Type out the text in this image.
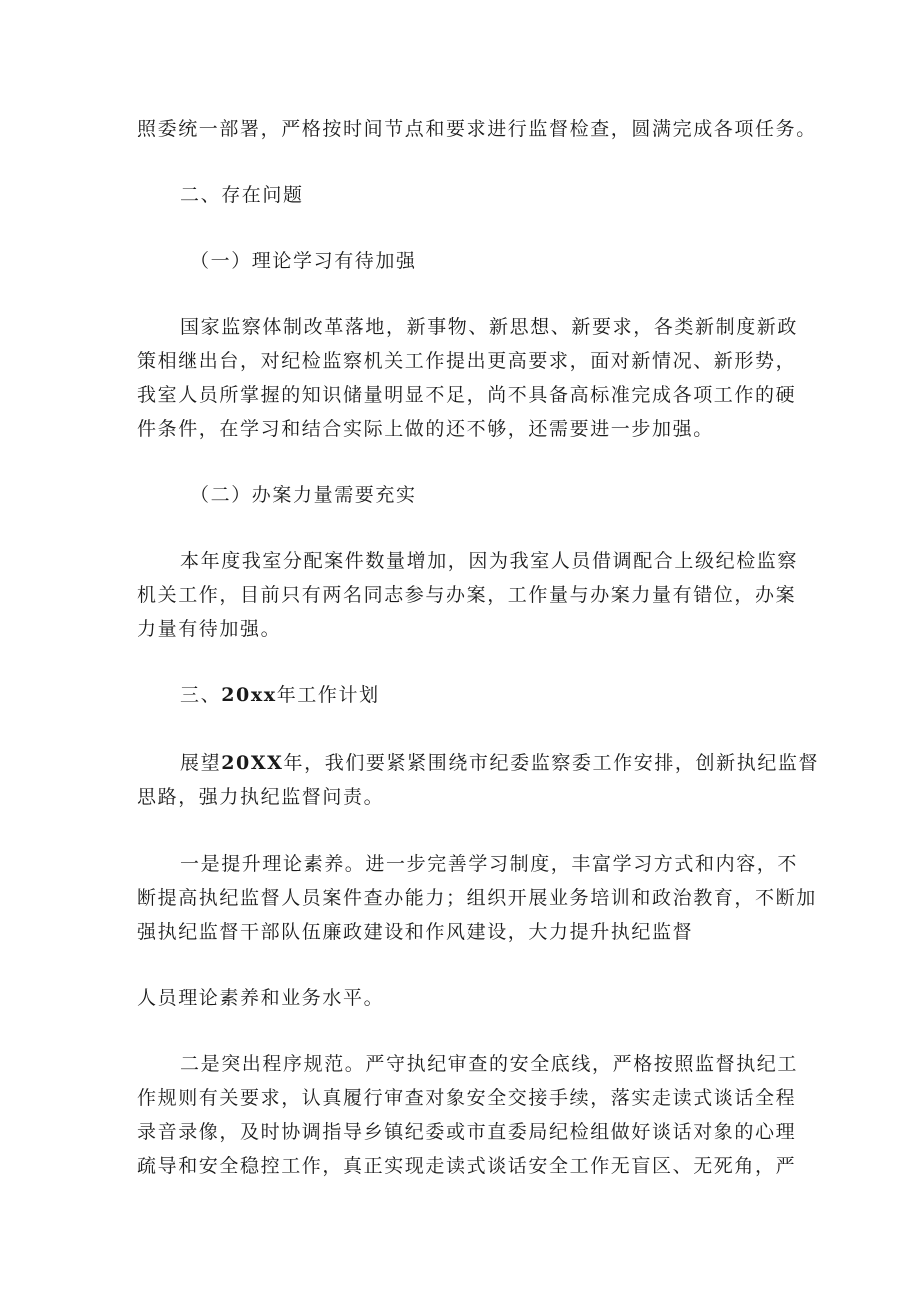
照委统一部署，严格按时间节点和要求进行监督检查，圆满完成各项任务。
二、存在问题
（一）理论学习有待加强
国家监察体制改革落地，新事物、新思想、新要求，各类新制度新政
策相继出台，对纪检监察机关工作提出更高要求，面对新情况、新形势，
我室人员所掌握的知识储量明显不足，尚不具备高标准完成各项工作的硬
件条件，在学习和结合实际上做的还不够，还需要进一步加强。
（二）办案力量需要充实
本年度我室分配案件数量增加，因为我室人员借调配合上级纪检监察
机关工作，目前只有两名同志参与办案，工作量与办案力量有错位，办案
力量有待加强。
三、20xx年工作计划
展望20XX年，我们要紧紧围绕市纪委监察委工作安排，创新执纪监督
思路，强力执纪监督问责。
一是提升理论素养。进一步完善学习制度，丰富学习方式和内容，不
断提高执纪监督人员案件查办能力；组织开展业务培训和政治教育，不断加
强执纪监督干部队伍廉政建设和作风建设，大力提升执纪监督
人员理论素养和业务水平。
二是突出程序规范。严守执纪审查的安全底线，严格按照监督执纪工
作规则有关要求，认真履行审查对象安全交接手续，落实走读式谈话全程
录音录像，及时协调指导乡镇纪委或市直委局纪检组做好谈话对象的心理
疏导和安全稳控工作，真正实现走读式谈话安全工作无盲区、无死角，严
